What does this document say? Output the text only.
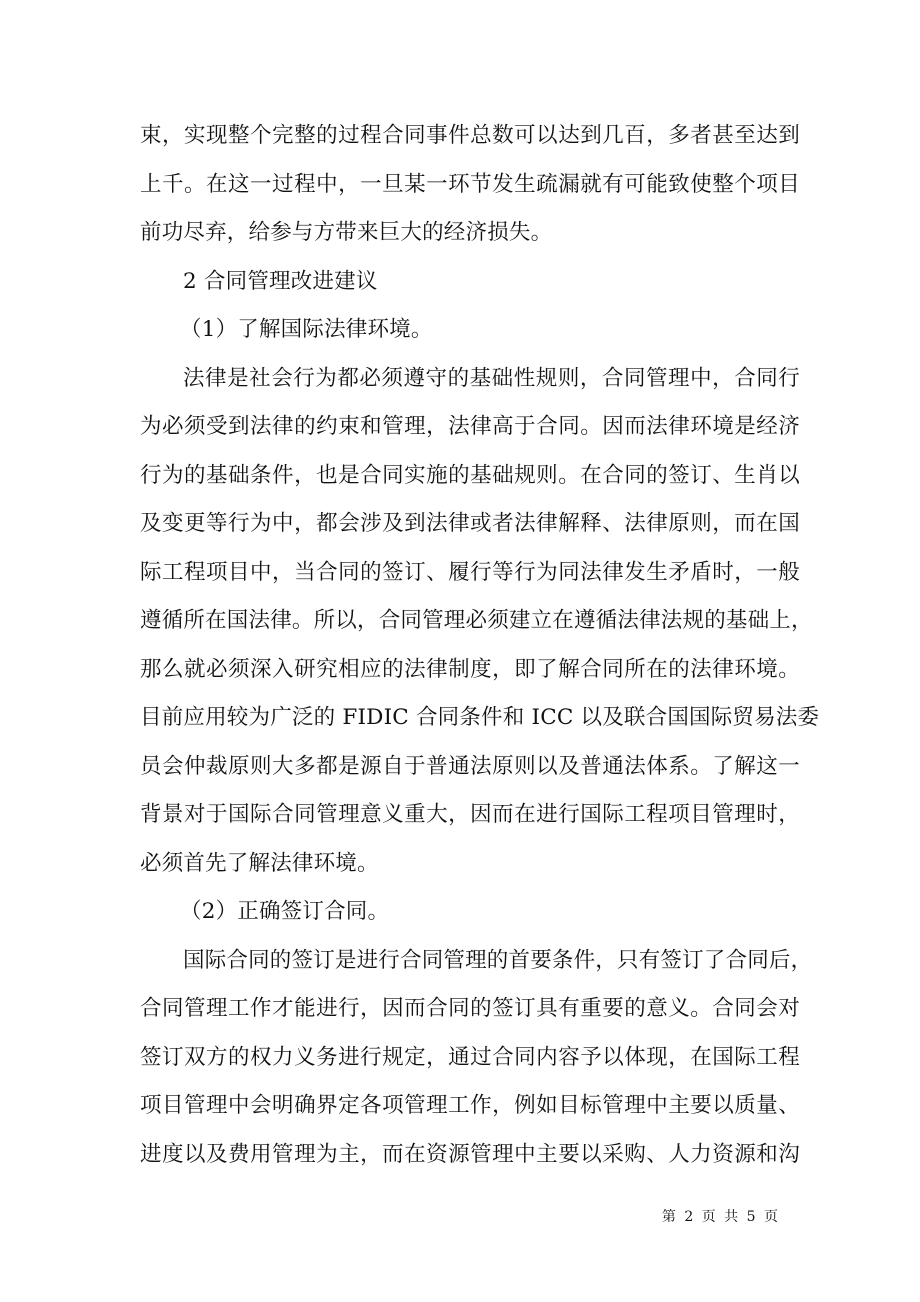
束，实现整个完整的过程合同事件总数可以达到几百，多者甚至达到
上千。在这一过程中，一旦某一环节发生疏漏就有可能致使整个项目
前功尽弃，给参与方带来巨大的经济损失。
2 合同管理改进建议
（1）了解国际法律环境。
法律是社会行为都必须遵守的基础性规则，合同管理中，合同行
为必须受到法律的约束和管理，法律高于合同。因而法律环境是经济
行为的基础条件，也是合同实施的基础规则。在合同的签订、生肖以
及变更等行为中，都会涉及到法律或者法律解释、法律原则，而在国
际工程项目中，当合同的签订、履行等行为同法律发生矛盾时，一般
遵循所在国法律。所以，合同管理必须建立在遵循法律法规的基础上，
那么就必须深入研究相应的法律制度，即了解合同所在的法律环境。
目前应用较为广泛的 FIDIC 合同条件和 ICC 以及联合国国际贸易法委
员会仲裁原则大多都是源自于普通法原则以及普通法体系。了解这一
背景对于国际合同管理意义重大，因而在进行国际工程项目管理时，
必须首先了解法律环境。
（2）正确签订合同。
国际合同的签订是进行合同管理的首要条件，只有签订了合同后，
合同管理工作才能进行，因而合同的签订具有重要的意义。合同会对
签订双方的权力义务进行规定，通过合同内容予以体现，在国际工程
项目管理中会明确界定各项管理工作，例如目标管理中主要以质量、
进度以及费用管理为主，而在资源管理中主要以采购、人力资源和沟
第 2 页 共 5 页
